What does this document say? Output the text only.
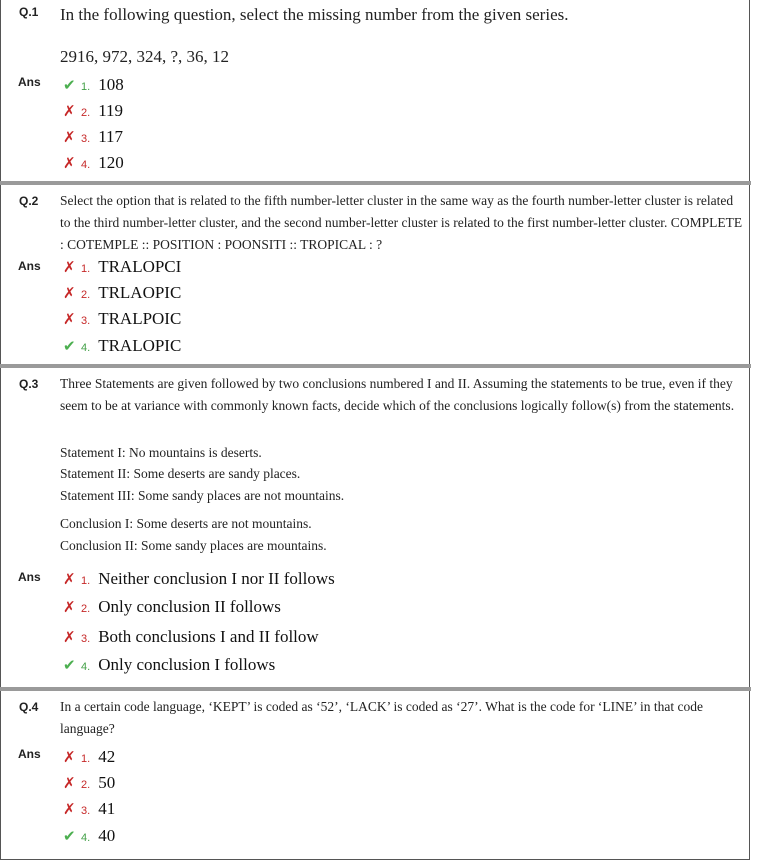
Q.1 In the following question, select the missing number from the given series.
2916, 972, 324, ?, 36, 12
Ans ✔ 1. 108
✗ 2. 119
✗ 3. 117
✗ 4. 120
Q.2 Select the option that is related to the fifth number-letter cluster in the same way as the fourth number-letter cluster is related to the third number-letter cluster, and the second number-letter cluster is related to the first number-letter cluster. COMPLETE : COTEMPLE :: POSITION : POONSITI :: TROPICAL : ?
Ans ✗ 1. TRALOPCI
✗ 2. TRLAOPIC
✗ 3. TRALPOIC
✔ 4. TRALOPIC
Q.3 Three Statements are given followed by two conclusions numbered I and II. Assuming the statements to be true, even if they seem to be at variance with commonly known facts, decide which of the conclusions logically follow(s) from the statements.
Statement I: No mountains is deserts.
Statement II: Some deserts are sandy places.
Statement III: Some sandy places are not mountains.
Conclusion I: Some deserts are not mountains.
Conclusion II: Some sandy places are mountains.
Ans ✗ 1. Neither conclusion I nor II follows
✗ 2. Only conclusion II follows
✗ 3. Both conclusions I and II follow
✔ 4. Only conclusion I follows
Q.4 In a certain code language, ‘KEPT’ is coded as ‘52’, ‘LACK’ is coded as ‘27’. What is the code for ‘LINE’ in that code language?
Ans ✗ 1. 42
✗ 2. 50
✗ 3. 41
✔ 4. 40
